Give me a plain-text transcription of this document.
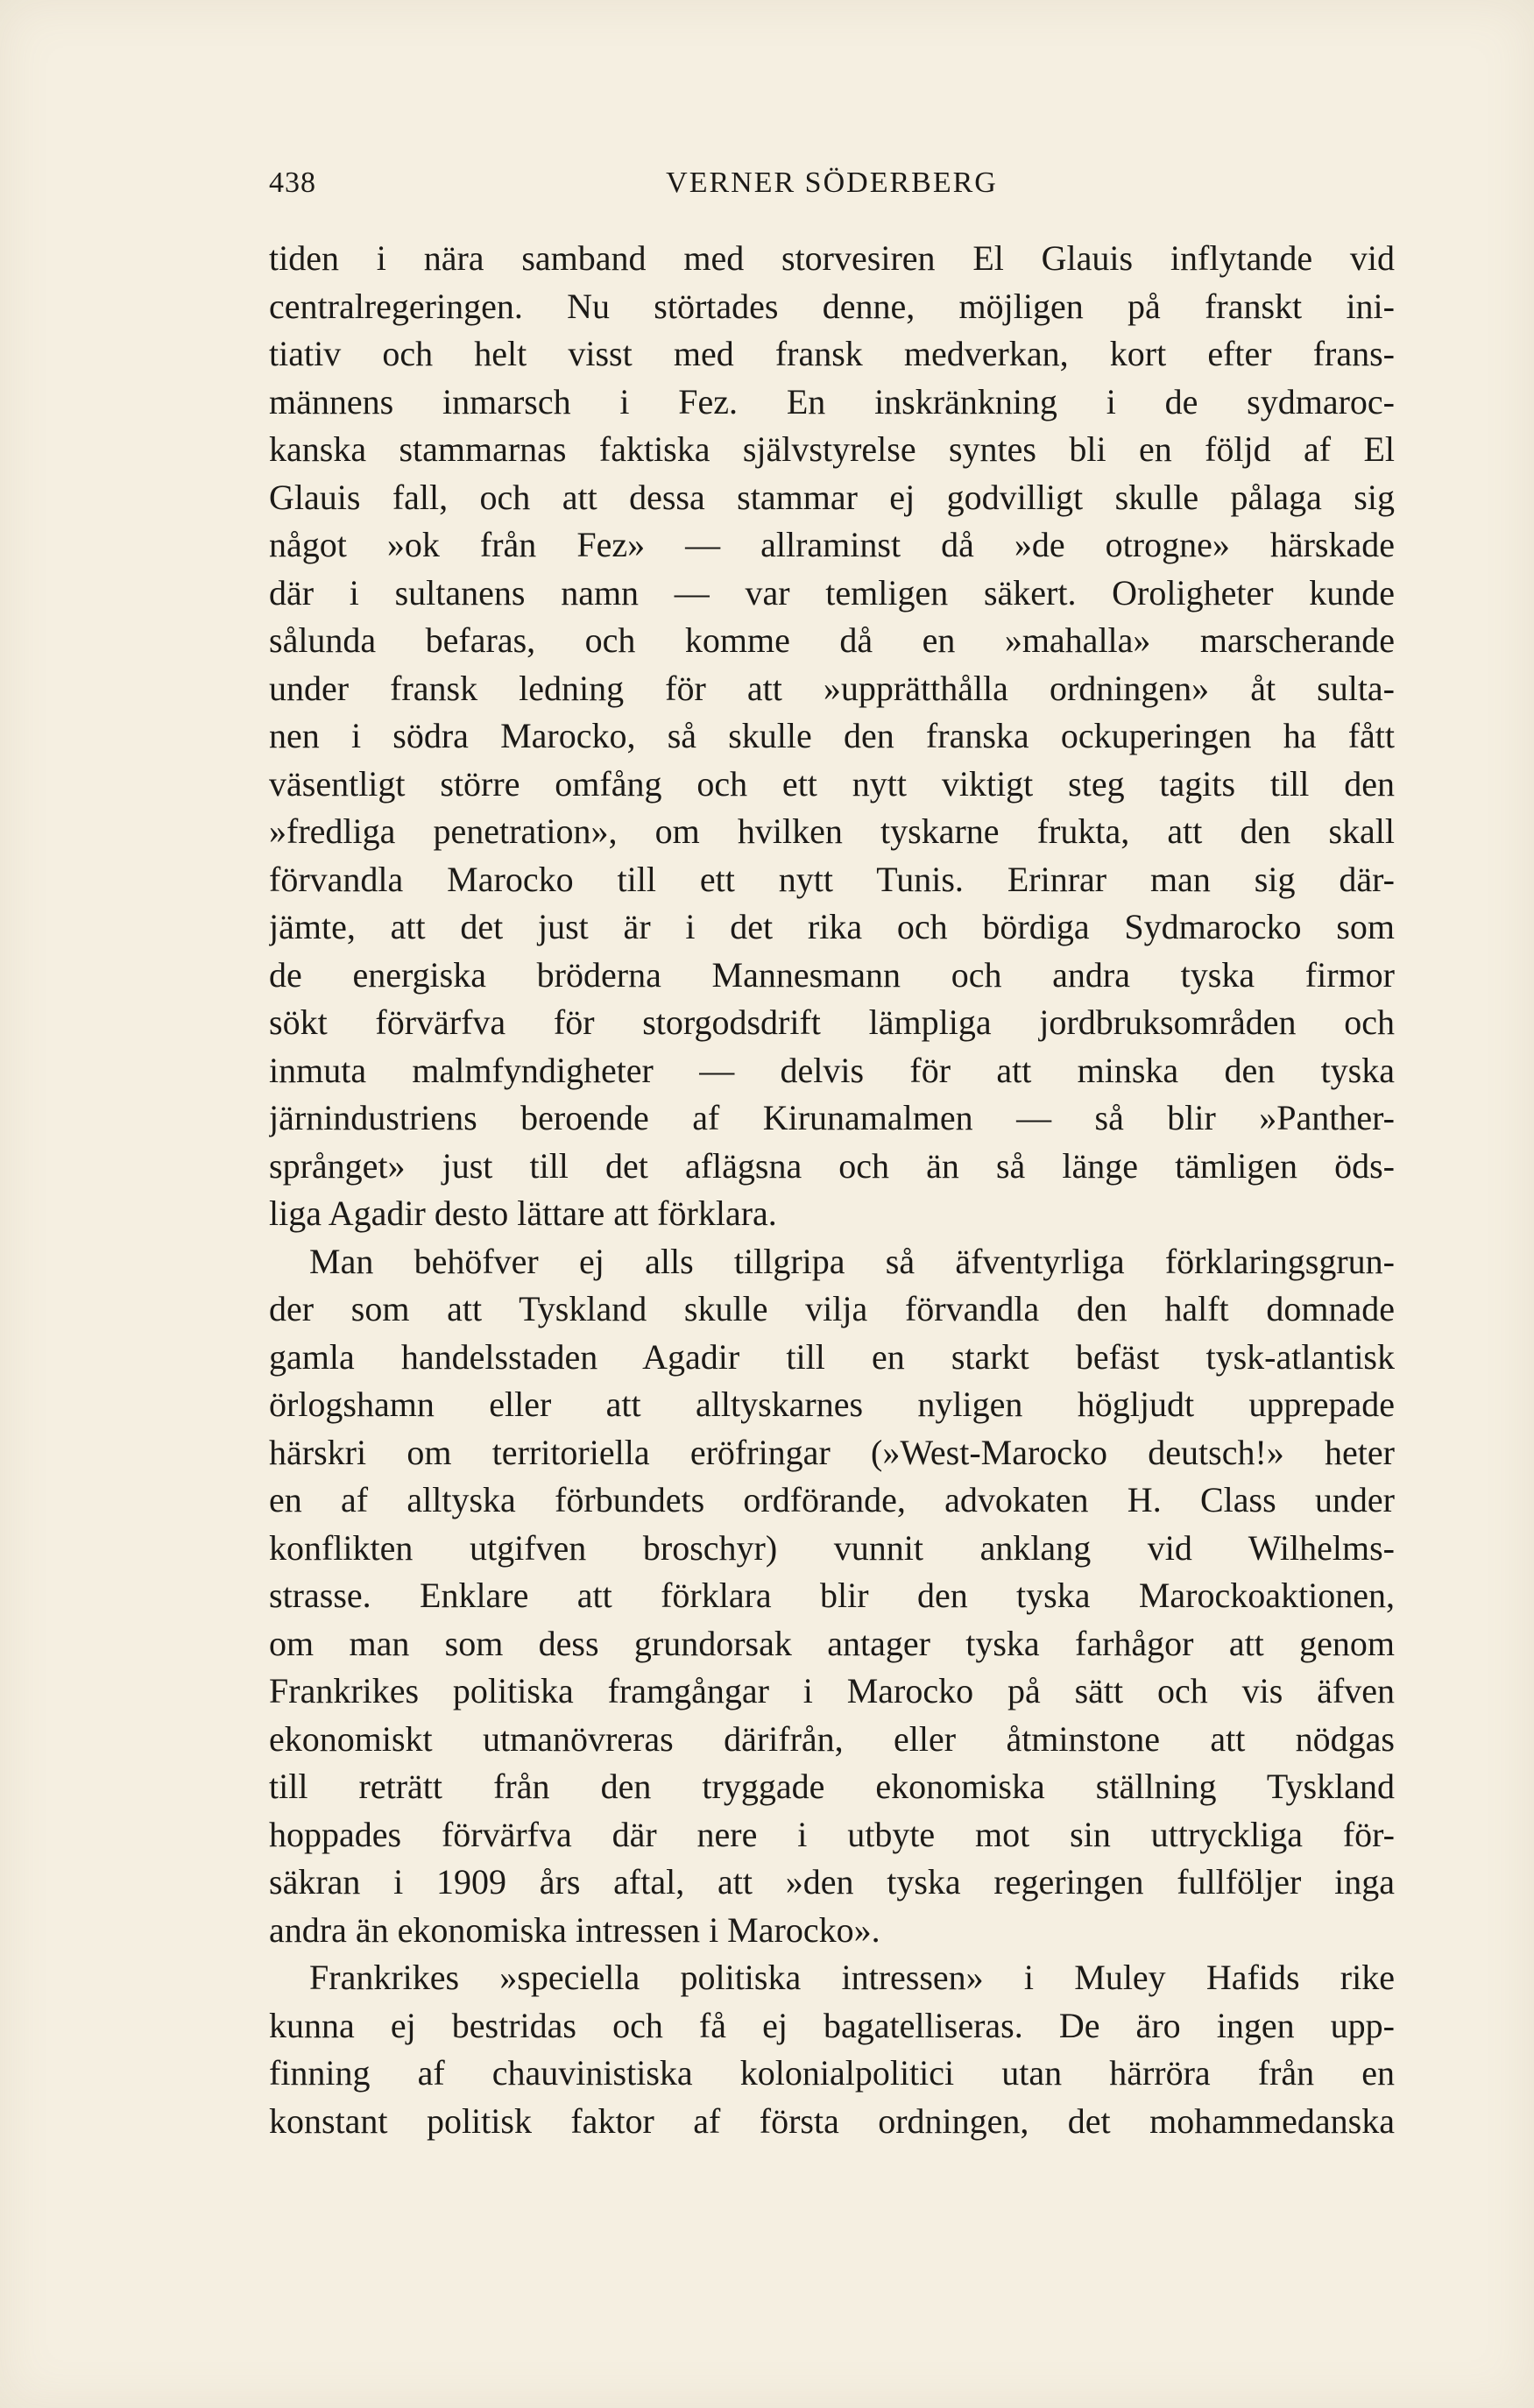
438	VERNER SÖDERBERG
tiden i nära samband med storvesiren El Glauis inflytande vid
centralregeringen. Nu störtades denne, möjligen på franskt ini-
tiativ och helt visst med fransk medverkan, kort efter frans-
männens inmarsch i Fez. En inskränkning i de sydmaroc-
kanska stammarnas faktiska självstyrelse syntes bli en följd af El
Glauis fall, och att dessa stammar ej godvilligt skulle pålaga sig
något »ok från Fez» — allraminst då »de otrogne» härskade
där i sultanens namn — var temligen säkert. Oroligheter kunde
sålunda befaras, och komme då en »mahalla» marscherande
under fransk ledning för att »upprätthålla ordningen» åt sulta-
nen i södra Marocko, så skulle den franska ockuperingen ha fått
väsentligt större omfång och ett nytt viktigt steg tagits till den
»fredliga penetration», om hvilken tyskarne frukta, att den skall
förvandla Marocko till ett nytt Tunis. Erinrar man sig där-
jämte, att det just är i det rika och bördiga Sydmarocko som
de energiska bröderna Mannesmann och andra tyska firmor
sökt förvärfva för storgodsdrift lämpliga jordbruksområden och
inmuta malmfyndigheter — delvis för att minska den tyska
järnindustriens beroende af Kirunamalmen — så blir »Panther-
språnget» just till det aflägsna och än så länge tämligen öds-
liga Agadir desto lättare att förklara.
Man behöfver ej alls tillgripa så äfventyrliga förklaringsgrun-
der som att Tyskland skulle vilja förvandla den halft domnade
gamla handelsstaden Agadir till en starkt befäst tysk-atlantisk
örlogshamn eller att alltyskarnes nyligen högljudt upprepade
härskri om territoriella eröfringar (»West-Marocko deutsch!» heter
en af alltyska förbundets ordförande, advokaten H. Class under
konflikten utgifven broschyr) vunnit anklang vid Wilhelms-
strasse. Enklare att förklara blir den tyska Marockoaktionen,
om man som dess grundorsak antager tyska farhågor att genom
Frankrikes politiska framgångar i Marocko på sätt och vis äfven
ekonomiskt utmanövreras därifrån, eller åtminstone att nödgas
till reträtt från den tryggade ekonomiska ställning Tyskland
hoppades förvärfva där nere i utbyte mot sin uttryckliga för-
säkran i 1909 års aftal, att »den tyska regeringen fullföljer inga
andra än ekonomiska intressen i Marocko».
Frankrikes »speciella politiska intressen» i Muley Hafids rike
kunna ej bestridas och få ej bagatelliseras. De äro ingen upp-
finning af chauvinistiska kolonialpolitici utan härröra från en
konstant politisk faktor af första ordningen, det mohammedanska
